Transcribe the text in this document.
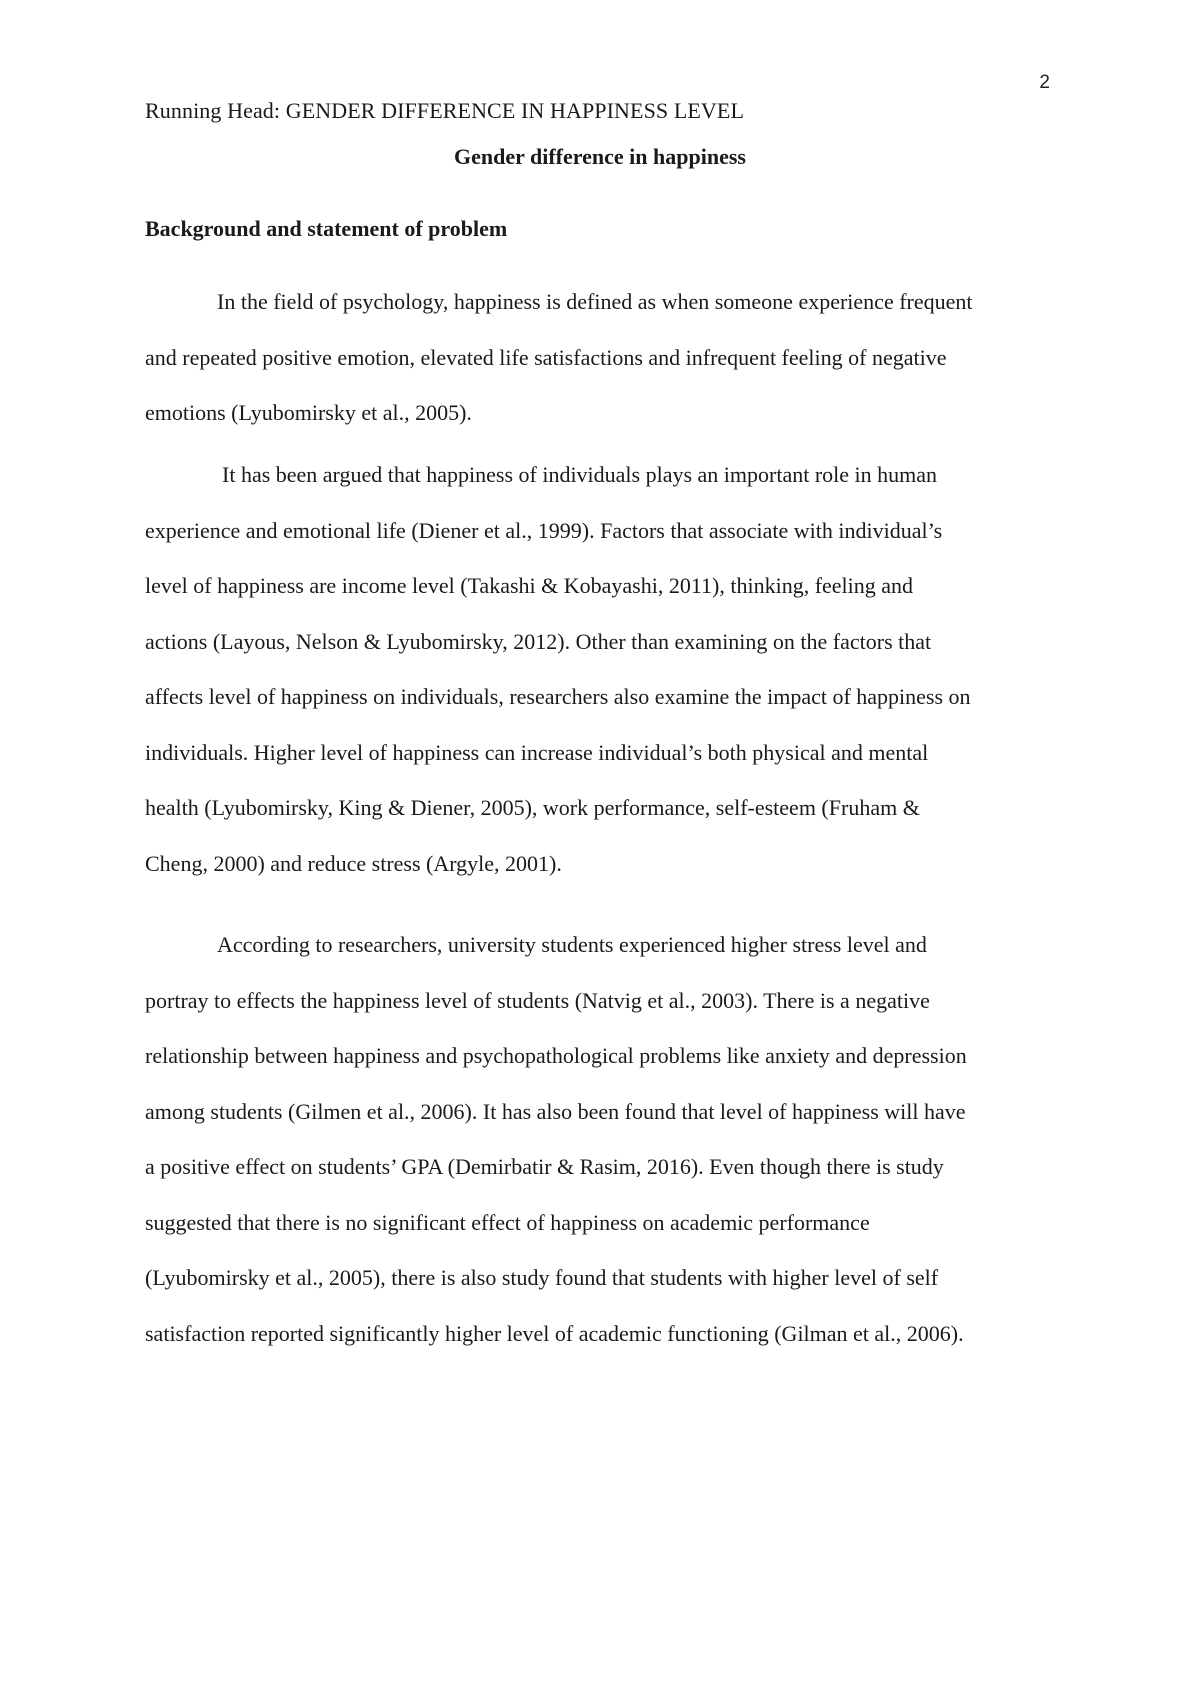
2
Running Head: GENDER DIFFERENCE IN HAPPINESS LEVEL
Gender difference in happiness
Background and statement of problem
In the field of psychology, happiness is defined as when someone experience frequent
and repeated positive emotion, elevated life satisfactions and infrequent feeling of negative
emotions (Lyubomirsky et al., 2005).
It has been argued that happiness of individuals plays an important role in human
experience and emotional life (Diener et al., 1999). Factors that associate with individual’s
level of happiness are income level (Takashi & Kobayashi, 2011), thinking, feeling and
actions (Layous, Nelson & Lyubomirsky, 2012). Other than examining on the factors that
affects level of happiness on individuals, researchers also examine the impact of happiness on
individuals. Higher level of happiness can increase individual’s both physical and mental
health (Lyubomirsky, King & Diener, 2005), work performance, self-esteem (Fruham &
Cheng, 2000) and reduce stress (Argyle, 2001).
According to researchers, university students experienced higher stress level and
portray to effects the happiness level of students (Natvig et al., 2003). There is a negative
relationship between happiness and psychopathological problems like anxiety and depression
among students (Gilmen et al., 2006). It has also been found that level of happiness will have
a positive effect on students’ GPA (Demirbatir & Rasim, 2016). Even though there is study
suggested that there is no significant effect of happiness on academic performance
(Lyubomirsky et al., 2005), there is also study found that students with higher level of self
satisfaction reported significantly higher level of academic functioning (Gilman et al., 2006).
